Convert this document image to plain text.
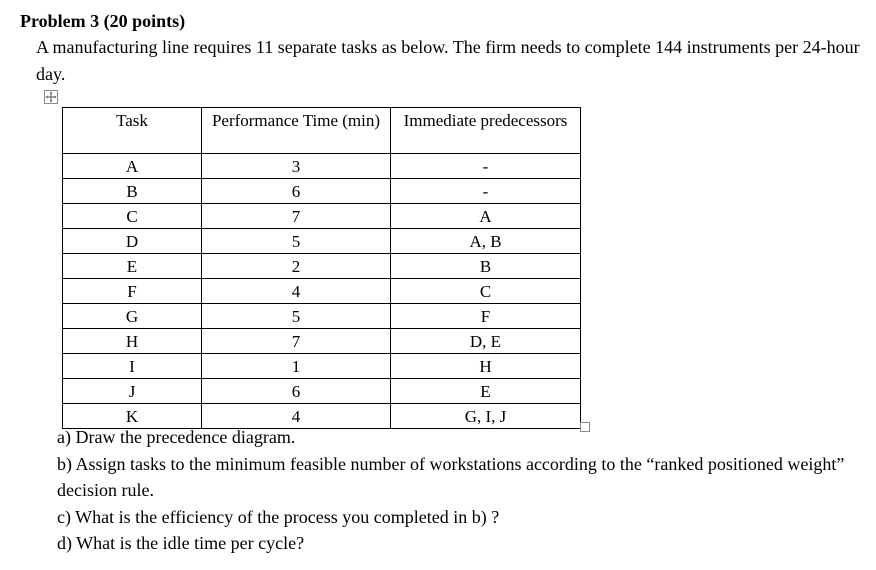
Problem 3 (20 points)
A manufacturing line requires 11 separate tasks as below. The firm needs to complete 144 instruments per 24-hour day.
Task	Performance Time (min)	Immediate predecessors
A	3	-
B	6	-
C	7	A
D	5	A, B
E	2	B
F	4	C
G	5	F
H	7	D, E
I	1	H
J	6	E
K	4	G, I, J

a) Draw the precedence diagram.

b) Assign tasks to the minimum feasible number of workstations according to the “ranked positioned weight” decision rule.

c) What is the efficiency of the process you completed in b) ?

d) What is the idle time per cycle?
